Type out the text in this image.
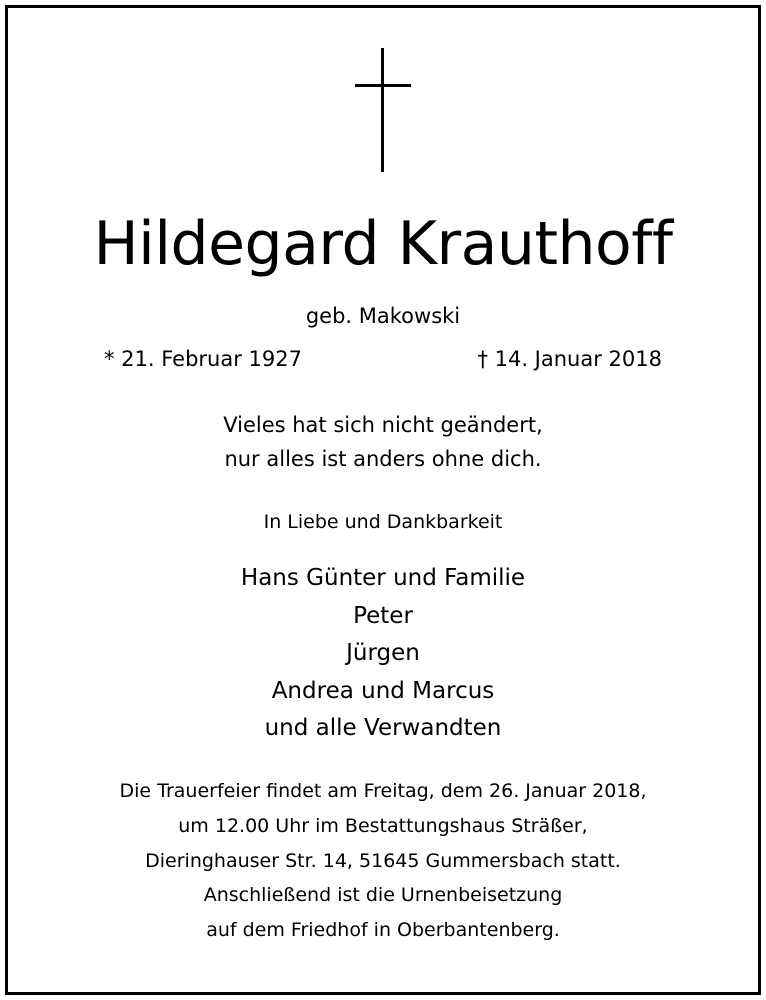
Hildegard Krauthoff
geb. Makowski
* 21. Februar 1927	† 14. Januar 2018
Vieles hat sich nicht geändert,
nur alles ist anders ohne dich.
In Liebe und Dankbarkeit
Hans Günter und Familie
Peter
Jürgen
Andrea und Marcus
und alle Verwandten
Die Trauerfeier findet am Freitag, dem 26. Januar 2018,
um 12.00 Uhr im Bestattungshaus Sträßer,
Dieringhauser Str. 14, 51645 Gummersbach statt.
Anschließend ist die Urnenbeisetzung
auf dem Friedhof in Oberbantenberg.
